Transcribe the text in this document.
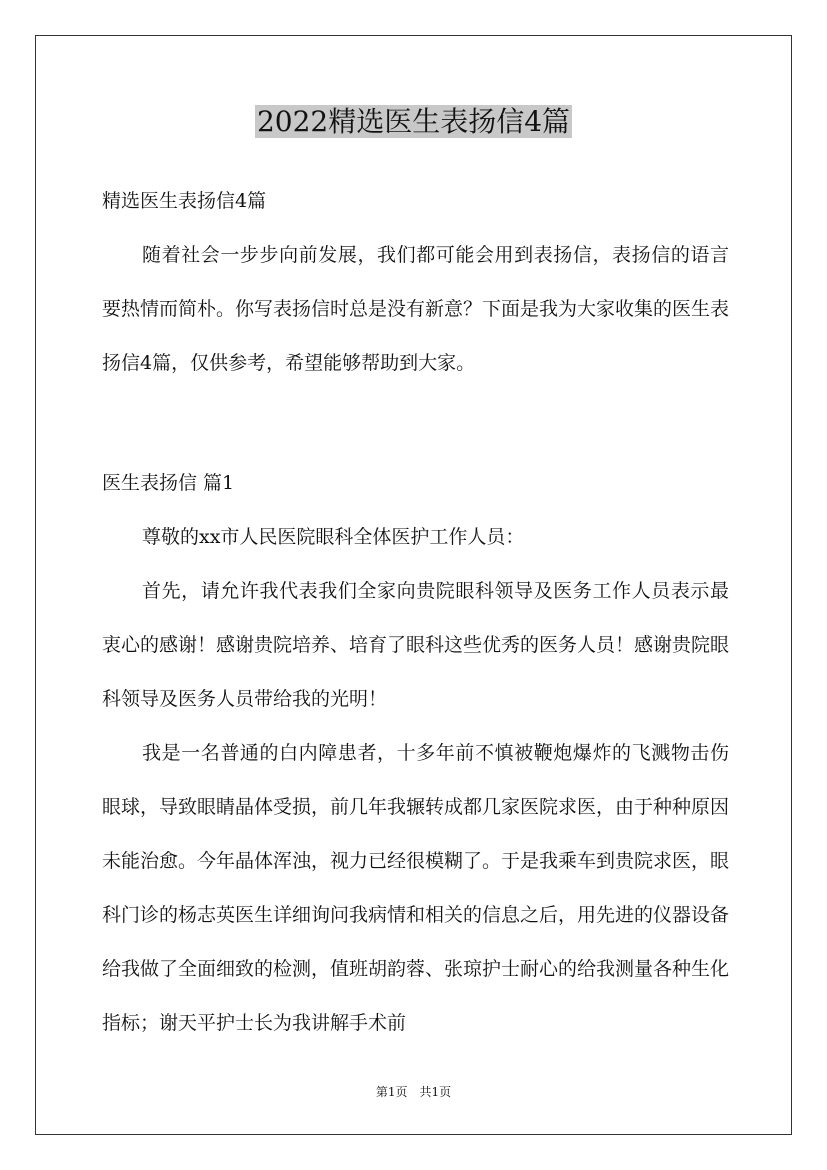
2022精选医生表扬信4篇

精选医生表扬信4篇

随着社会一步步向前发展，我们都可能会用到表扬信，表扬信的语言要热情而简朴。你写表扬信时总是没有新意？下面是我为大家收集的医生表扬信4篇，仅供参考，希望能够帮助到大家。

医生表扬信 篇1

尊敬的xx市人民医院眼科全体医护工作人员：

首先，请允许我代表我们全家向贵院眼科领导及医务工作人员表示最衷心的感谢！感谢贵院培养、培育了眼科这些优秀的医务人员！感谢贵院眼科领导及医务人员带给我的光明！

我是一名普通的白内障患者，十多年前不慎被鞭炮爆炸的飞溅物击伤眼球，导致眼睛晶体受损，前几年我辗转成都几家医院求医，由于种种原因未能治愈。今年晶体浑浊，视力已经很模糊了。于是我乘车到贵院求医，眼科门诊的杨志英医生详细询问我病情和相关的信息之后，用先进的仪器设备给我做了全面细致的检测，值班胡韵蓉、张琼护士耐心的给我测量各种生化指标；谢天平护士长为我讲解手术前

第1页 共1页
